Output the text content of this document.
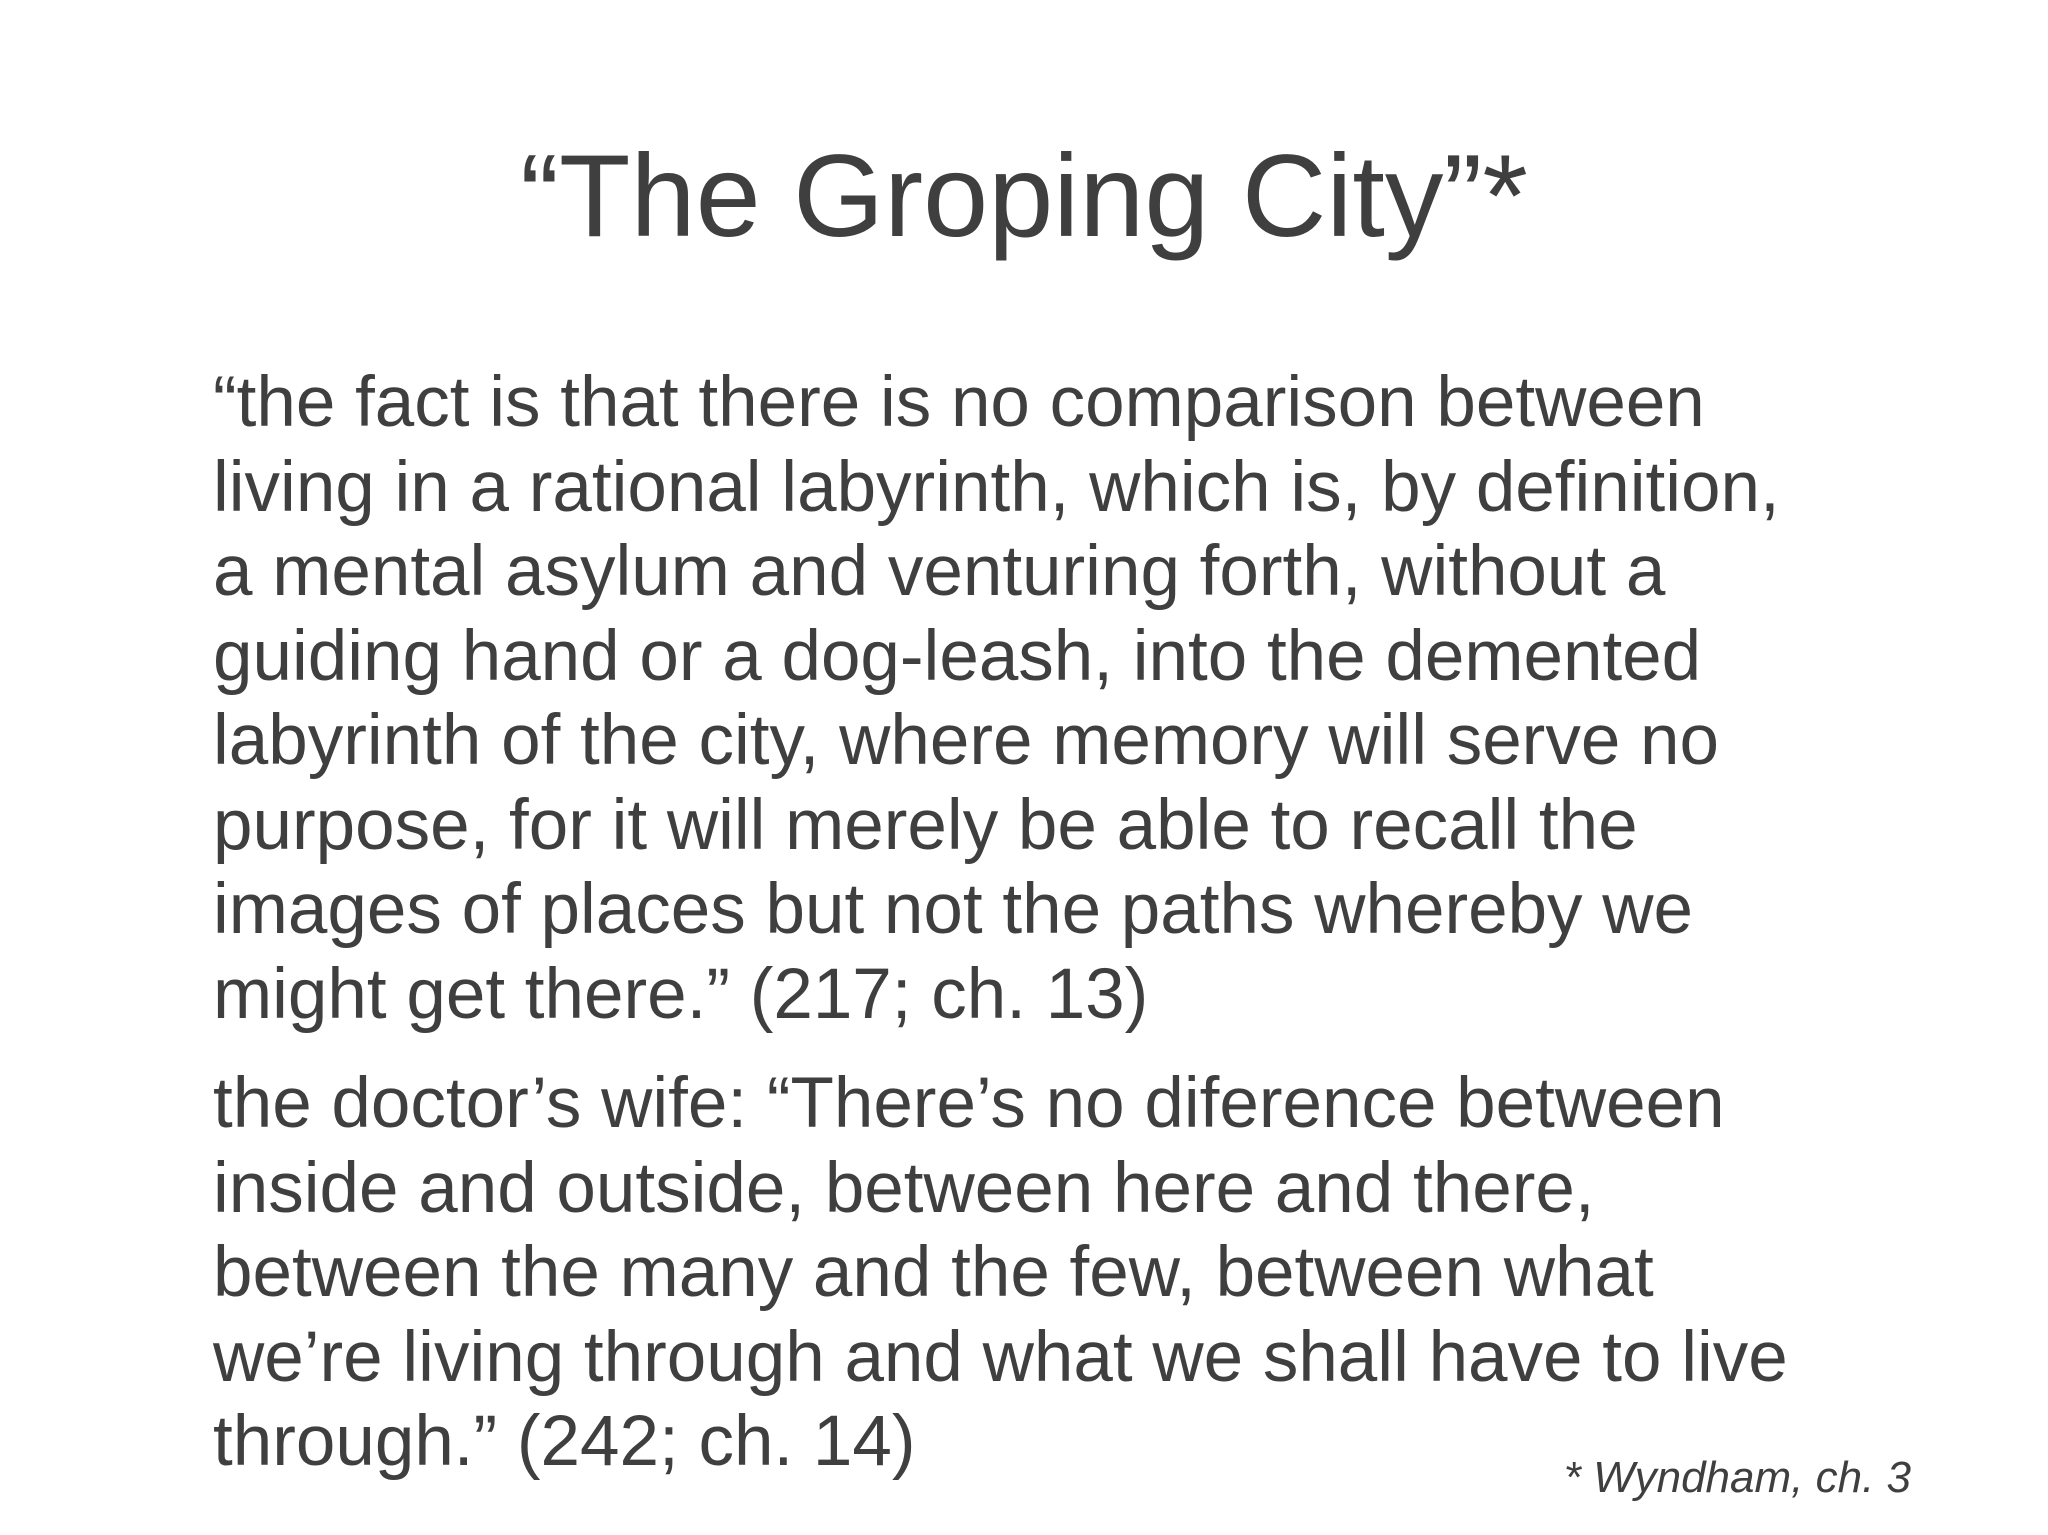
“The Groping City”*

“the fact is that there is no comparison between
living in a rational labyrinth, which is, by definition,
a mental asylum and venturing forth, without a
guiding hand or a dog-leash, into the demented
labyrinth of the city, where memory will serve no
purpose, for it will merely be able to recall the
images of places but not the paths whereby we
might get there.” (217; ch. 13)

the doctor’s wife: “There’s no diference between
inside and outside, between here and there,
between the many and the few, between what
we’re living through and what we shall have to live
through.” (242; ch. 14)	* Wyndham, ch. 3
